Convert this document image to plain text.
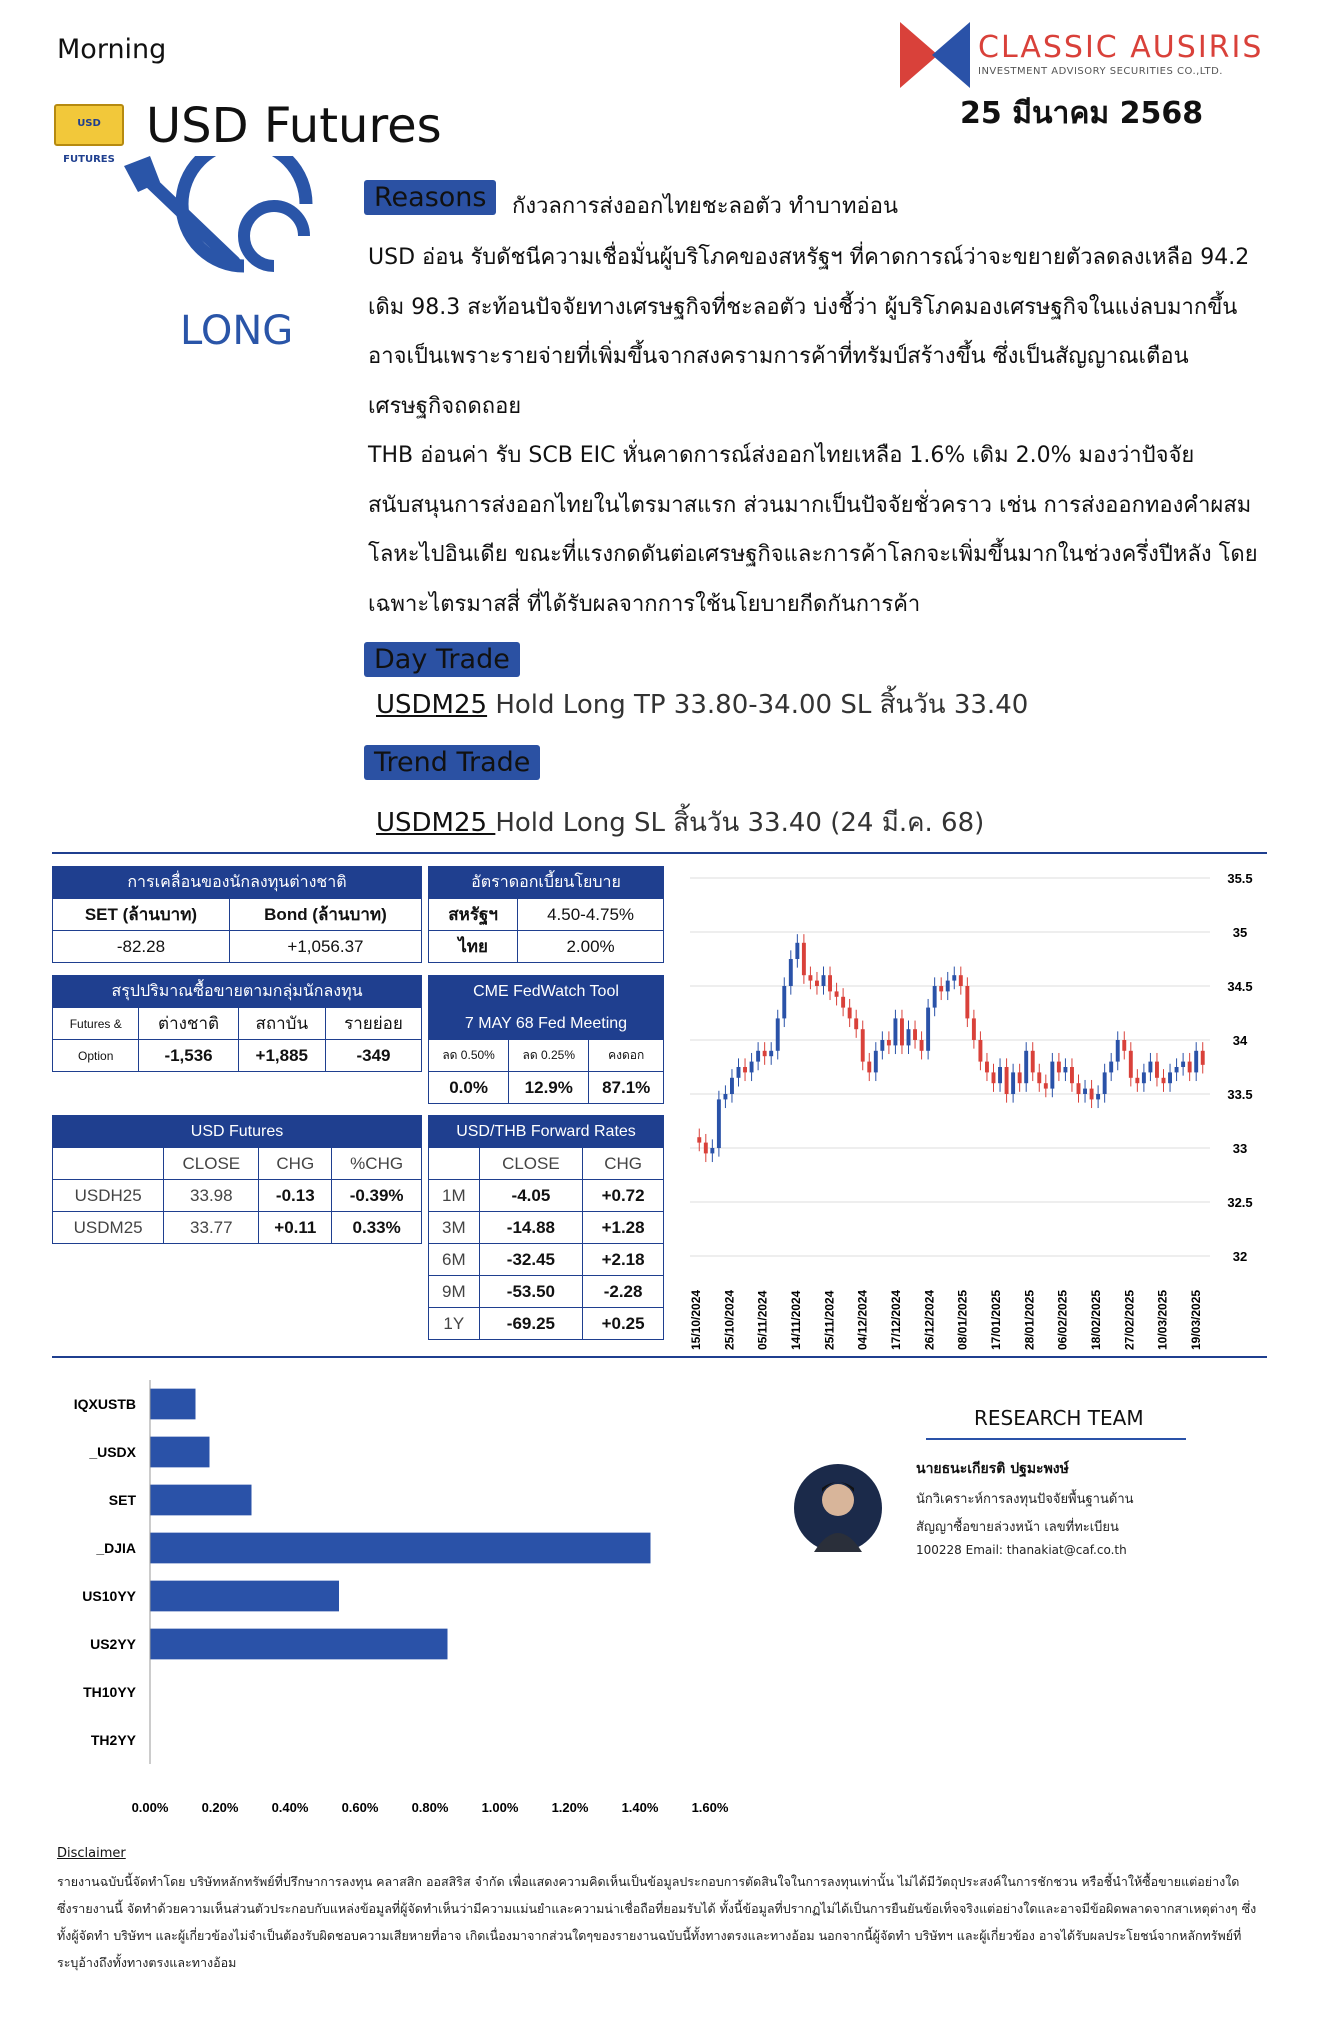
Morning	CLASSIC AUSIRIS
INVESTMENT ADVISORY SECURITIES CO.,LTD.
25 มีนาคม 2568
USD FUTURES
USD Futures
LONG
Reasons	กังวลการส่งออกไทยชะลอตัว ทำบาทอ่อน
USD อ่อน รับดัชนีความเชื่อมั่นผู้บริโภคของสหรัฐฯ ที่คาดการณ์ว่าจะขยายตัวลดลงเหลือ 94.2 เดิม 98.3 สะท้อนปัจจัยทางเศรษฐกิจที่ชะลอตัว บ่งชี้ว่า ผู้บริโภคมองเศรษฐกิจในแง่ลบมากขึ้น อาจเป็นเพราะรายจ่ายที่เพิ่มขึ้นจากสงครามการค้าที่ทรัมป์สร้างขึ้น ซึ่งเป็นสัญญาณเตือนเศรษฐกิจถดถอย
THB อ่อนค่า รับ SCB EIC หั่นคาดการณ์ส่งออกไทยเหลือ 1.6% เดิม 2.0% มองว่าปัจจัยสนับสนุนการส่งออกไทยในไตรมาสแรก ส่วนมากเป็นปัจจัยชั่วคราว เช่น การส่งออกทองคำผสมโลหะไปอินเดีย ขณะที่แรงกดดันต่อเศรษฐกิจและการค้าโลกจะเพิ่มขึ้นมากในช่วงครึ่งปีหลัง โดยเฉพาะไตรมาสสี่ ที่ได้รับผลจากการใช้นโยบายกีดกันการค้า
Day Trade
USDM25 Hold Long TP 33.80-34.00 SL สิ้นวัน 33.40
Trend Trade
USDM25 Hold Long SL สิ้นวัน 33.40 (24 มี.ค. 68)
การเคลื่อนของนักลงทุนต่างชาติ	
SET (ล้านบาท)	Bond (ล้านบาท)
-82.28	+1,056.37
อัตราดอกเบี้ยนโยบาย	
สหรัฐฯ	4.50-4.75%
ไทย	2.00%
สรุปปริมาณซื้อขายตามกลุ่มนักลงทุน			
Futures &	ต่างชาติ	สถาบัน	รายย่อย
Option	-1,536	+1,885	-349
CME FedWatch Tool		
7 MAY 68 Fed Meeting		
ลด 0.50%	ลด 0.25%	คงดอก
0.0%	12.9%	87.1%
USD Futures			
	CLOSE	CHG	%CHG
USDH25	33.98	-0.13	-0.39%
USDM25	33.77	+0.11	0.33%
USD/THB Forward Rates		
	CLOSE	CHG
1M	-4.05	+0.72
3M	-14.88	+1.28
6M	-32.45	+2.18
9M	-53.50	-2.28
1Y	-69.25	+0.25
35.5
35
34.5
34
33.5
33
32.5
32
15/10/2024 25/10/2024 05/11/2024 14/11/2024 25/11/2024 04/12/2024 17/12/2024 26/12/2024 08/01/2025 17/01/2025 28/01/2025 06/02/2025 18/02/2025 27/02/2025 10/03/2025 19/03/2025
IQXUSTB
_USDX
SET
_DJIA
US10YY
US2YY
TH10YY
TH2YY
0.00%	0.20%	0.40%	0.60%	0.80%	1.00%	1.20%	1.40%	1.60%
RESEARCH TEAM
นายธนะเกียรติ ปฐมะพงษ์
นักวิเคราะห์การลงทุนปัจจัยพื้นฐานด้าน
สัญญาซื้อขายล่วงหน้า เลขที่ทะเบียน
100228 Email: thanakiat@caf.co.th
Disclaimer
รายงานฉบับนี้จัดทำโดย บริษัทหลักทรัพย์ที่ปรึกษาการลงทุน คลาสสิก ออสสิริส จำกัด เพื่อแสดงความคิดเห็นเป็นข้อมูลประกอบการตัดสินใจในการลงทุนเท่านั้น ไม่ได้มีวัตถุประสงค์ในการชักชวน หรือชี้นำให้ซื้อขายแต่อย่างใด ซึ่งรายงานนี้ จัดทำด้วยความเห็นส่วนตัวประกอบกับแหล่งข้อมูลที่ผู้จัดทำเห็นว่ามีความแม่นยำและความน่าเชื่อถือที่ยอมรับได้ ทั้งนี้ข้อมูลที่ปรากฏไม่ได้เป็นการยืนยันข้อเท็จจริงแต่อย่างใดและอาจมีข้อผิดพลาดจากสาเหตุต่างๆ ซึ่งทั้งผู้จัดทำ บริษัทฯ และผู้เกี่ยวข้องไม่จำเป็นต้องรับผิดชอบความเสียหายที่อาจ เกิดเนื่องมาจากส่วนใดๆของรายงานฉบับนี้ทั้งทางตรงและทางอ้อม นอกจากนี้ผู้จัดทำ บริษัทฯ และผู้เกี่ยวข้อง อาจได้รับผลประโยชน์จากหลักทรัพย์ที่ระบุอ้างถึงทั้งทางตรงและทางอ้อม
